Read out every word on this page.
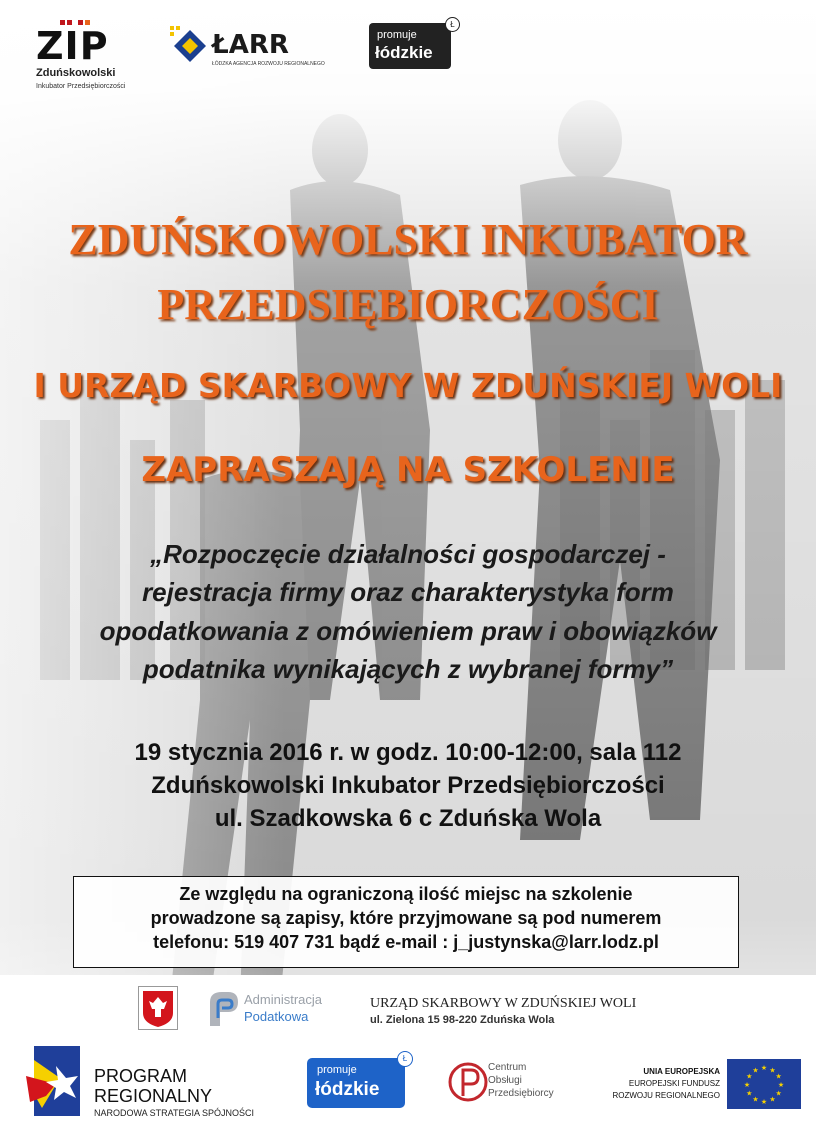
ZIP
Zduńskowolski
Inkubator Przedsiębiorczości
ŁARR
ŁÓDZKA AGENCJA ROZWOJU REGIONALNEGO
promuje
łódzkie
Ł
ZDUŃSKOWOLSKI INKUBATOR
PRZEDSIĘBIORCZOŚCI
I URZĄD SKARBOWY W ZDUŃSKIEJ WOLI
ZAPRASZAJĄ NA SZKOLENIE
„Rozpoczęcie działalności gospodarczej -
rejestracja firmy oraz charakterystyka form
opodatkowania z omówieniem praw i obowiązków
podatnika wynikających z wybranej formy”
19 stycznia 2016 r. w godz. 10:00-12:00, sala 112
Zduńskowolski Inkubator Przedsiębiorczości
ul. Szadkowska 6 c Zduńska Wola
Ze względu na ograniczoną ilość miejsc na szkolenie
prowadzone są zapisy, które przyjmowane są pod numerem
telefonu: 519 407 731 bądź e-mail : j_justynska@larr.lodz.pl
Administracja
Podatkowa
URZĄD SKARBOWY W ZDUŃSKIEJ WOLI
ul. Zielona 15 98-220 Zduńska Wola
PROGRAM
REGIONALNY
NARODOWA STRATEGIA SPÓJNOŚCI
promuje
łódzkie
Ł
Centrum
Obsługi
Przedsiębiorcy
UNIA EUROPEJSKA
EUROPEJSKI FUNDUSZ
ROZWOJU REGIONALNEGO
★ ★
★
★
★
★
★
★
★
★
★
★
